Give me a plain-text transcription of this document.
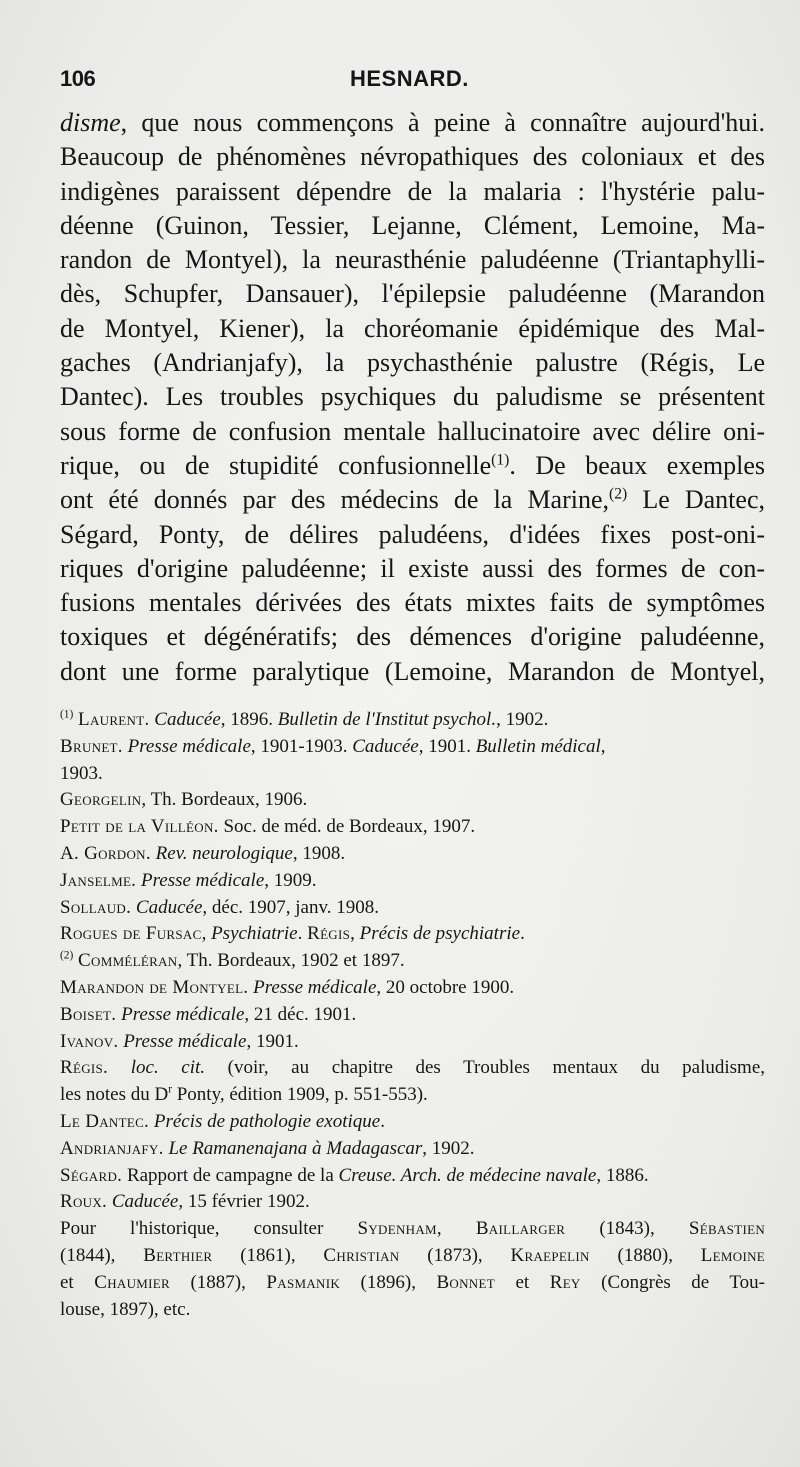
106	HESNARD.
disme, que nous commençons à peine à connaître aujourd'hui.
Beaucoup de phénomènes névropathiques des coloniaux et des
indigènes paraissent dépendre de la malaria : l'hystérie palu-
déenne (Guinon, Tessier, Lejanne, Clément, Lemoine, Ma-
randon de Montyel), la neurasthénie paludéenne (Triantaphylli-
dès, Schupfer, Dansauer), l'épilepsie paludéenne (Marandon
de Montyel, Kiener), la choréomanie épidémique des Mal-
gaches (Andrianjafy), la psychasthénie palustre (Régis, Le
Dantec). Les troubles psychiques du paludisme se présentent
sous forme de confusion mentale hallucinatoire avec délire oni-
rique, ou de stupidité confusionnelle$^{(1)}$. De beaux exemples
ont été donnés par des médecins de la Marine,$^{(2)}$ Le Dantec,
Ségard, Ponty, de délires paludéens, d'idées fixes post-oni-
riques d'origine paludéenne; il existe aussi des formes de con-
fusions mentales dérivées des états mixtes faits de symptômes
toxiques et dégénératifs; des démences d'origine paludéenne,
dont une forme paralytique (Lemoine, Marandon de Montyel,
$^{(1)}$ Laurent. Caducée, 1896. Bulletin de l'Institut psychol., 1902.
Brunet. Presse médicale, 1901-1903. Caducée, 1901. Bulletin médical,
1903.
Georgelin, Th. Bordeaux, 1906.
Petit de la Villéon. Soc. de méd. de Bordeaux, 1907.
A. Gordon. Rev. neurologique, 1908.
Janselme. Presse médicale, 1909.
Sollaud. Caducée, déc. 1907, janv. 1908.
Rogues de Fursac, Psychiatrie. Régis, Précis de psychiatrie.
$^{(2)}$ Comméléran, Th. Bordeaux, 1902 et 1897.
Marandon de Montyel. Presse médicale, 20 octobre 1900.
Boiset. Presse médicale, 21 déc. 1901.
Ivanov. Presse médicale, 1901.
Régis. loc. cit. (voir, au chapitre des Troubles mentaux du paludisme,
les notes du $D^r$ Ponty, édition 1909, p. 551-553).
Le Dantec. Précis de pathologie exotique.
Andrianjafy. Le Ramanenajana à Madagascar, 1902.
Ségard. Rapport de campagne de la Creuse. Arch. de médecine navale, 1886.
Roux. Caducée, 15 février 1902.
Pour l'historique, consulter Sydenham, Baillarger (1843), Sébastien
(1844), Berthier (1861), Christian (1873), Kraepelin (1880), Lemoine
et Chaumier (1887), Pasmanik (1896), Bonnet et Rey (Congrès de Tou-
louse, 1897), etc.
